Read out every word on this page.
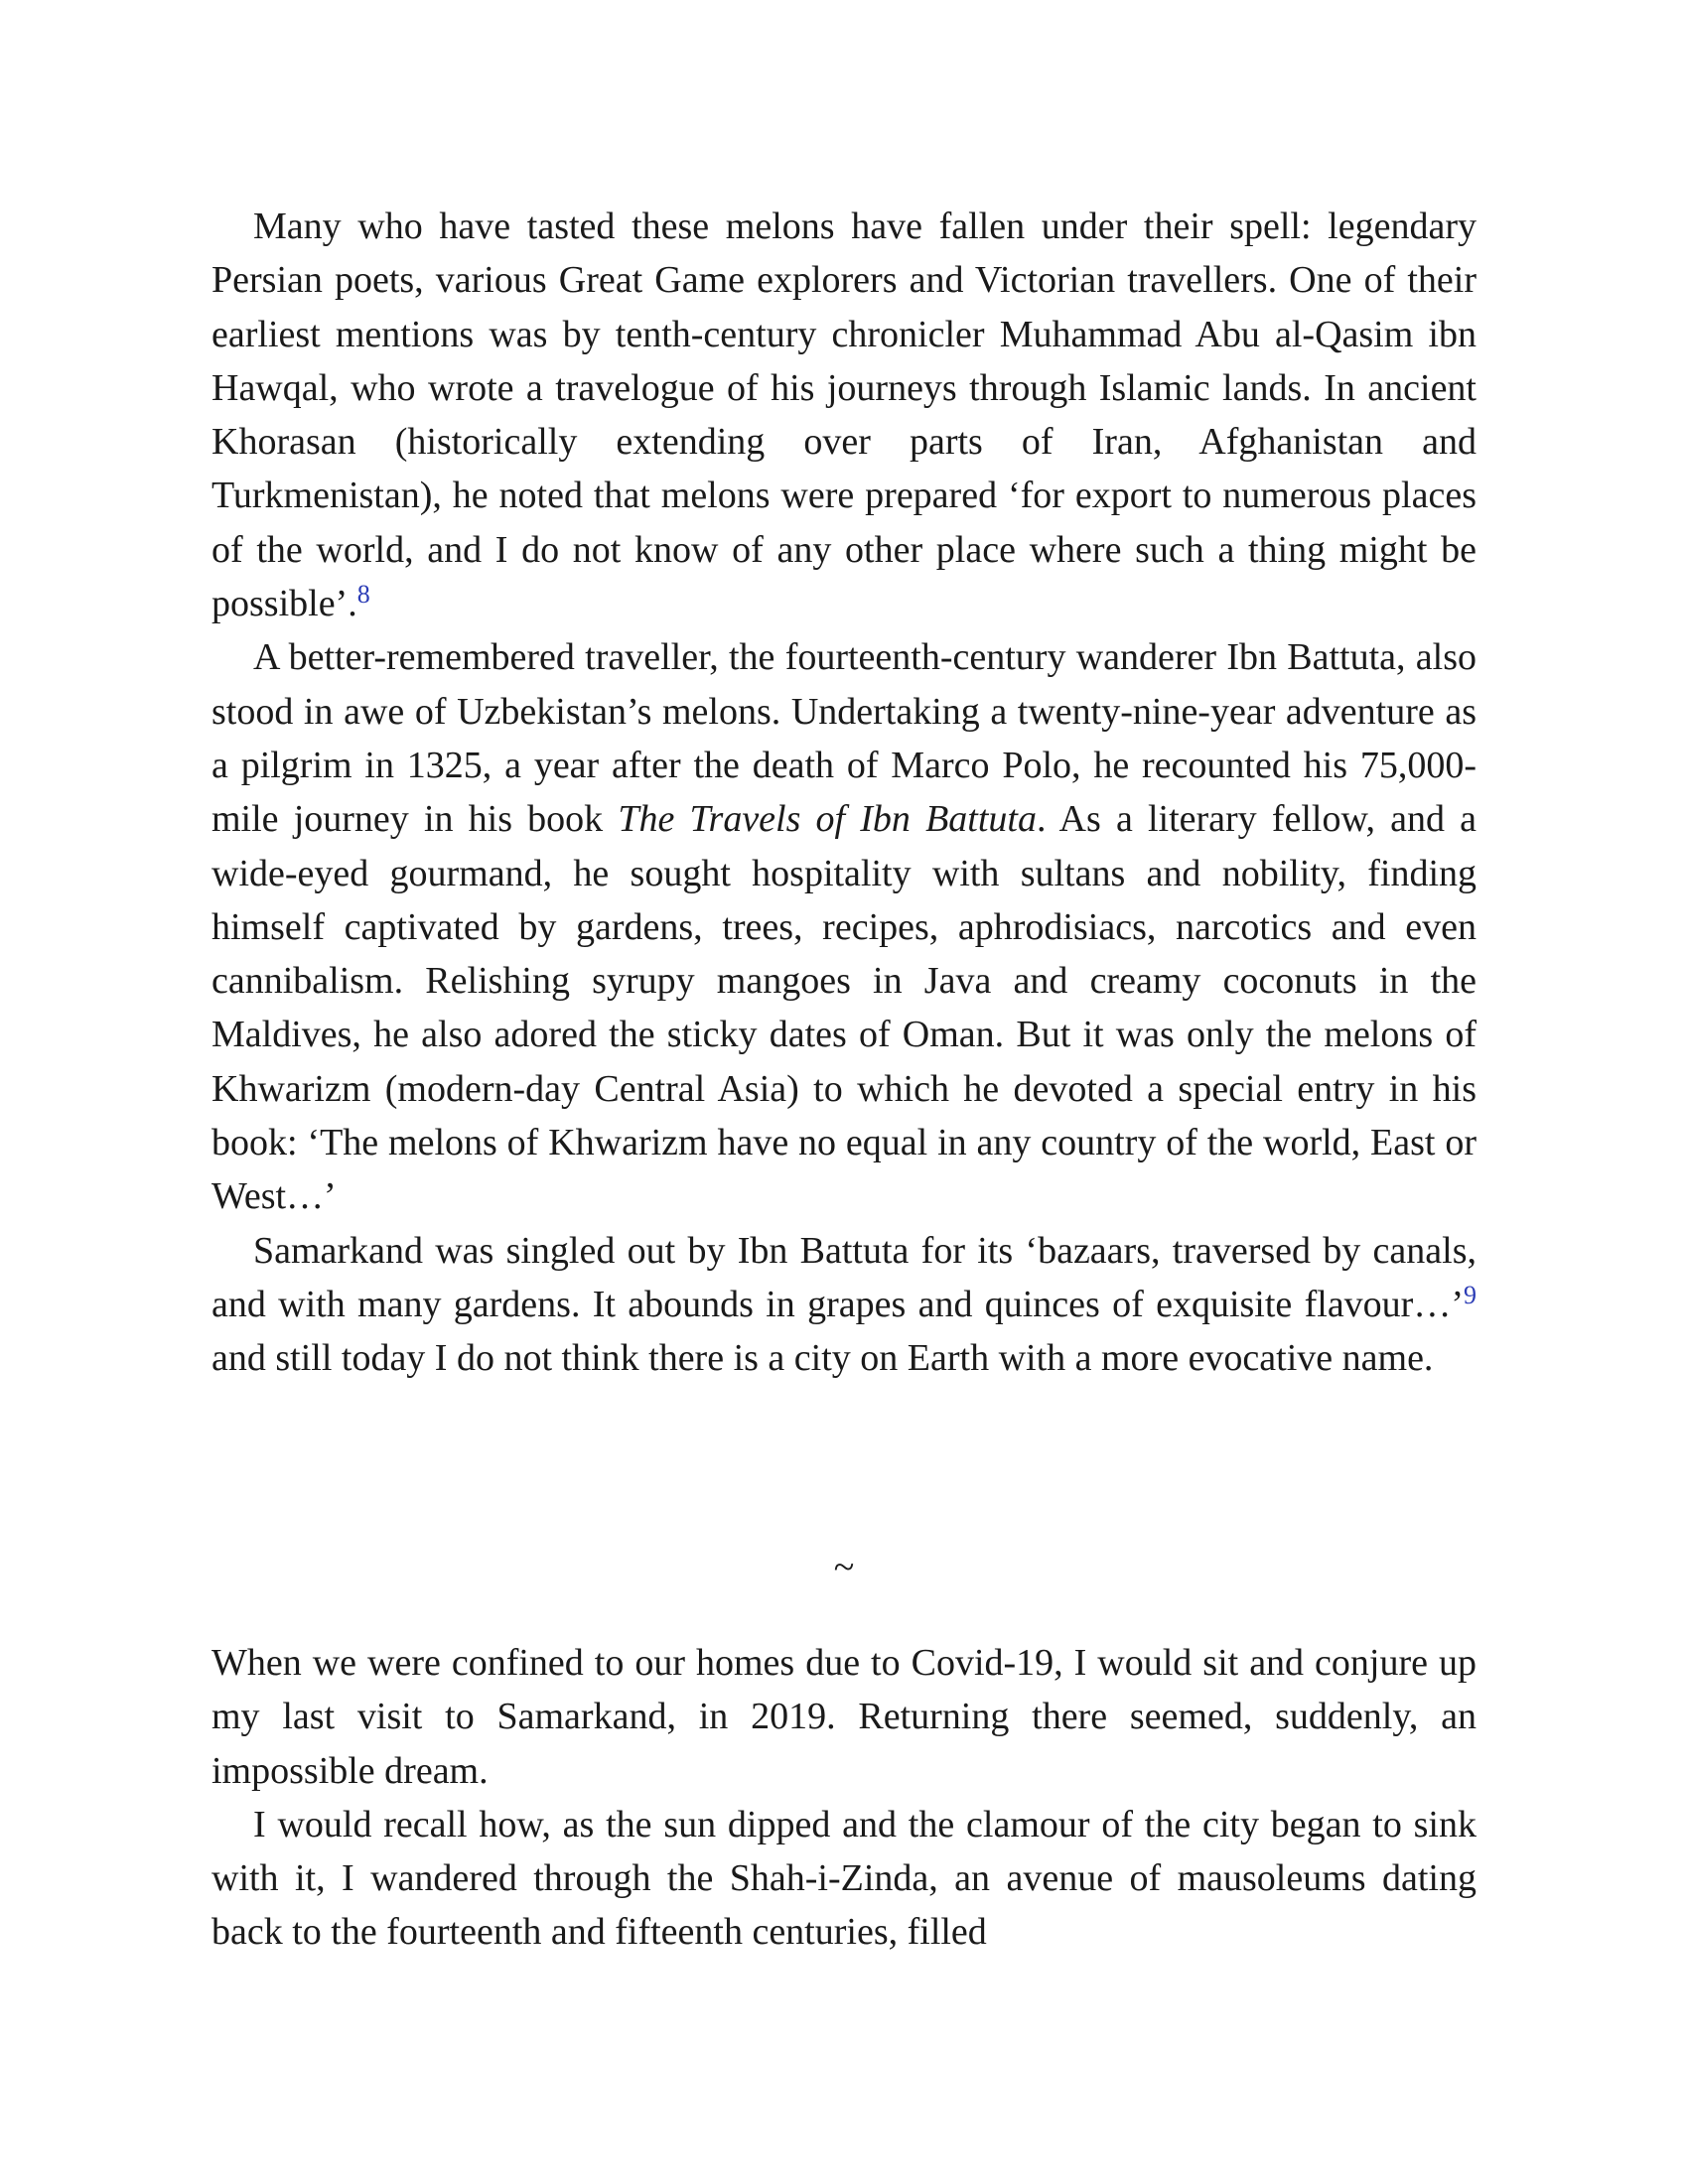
Many who have tasted these melons have fallen under their spell: legendary Persian poets, various Great Game explorers and Victorian travellers. One of their earliest mentions was by tenth-century chronicler Muhammad Abu al-Qasim ibn Hawqal, who wrote a travelogue of his journeys through Islamic lands. In ancient Khorasan (historically extending over parts of Iran, Afghanistan and Turkmenistan), he noted that melons were prepared ‘for export to numerous places of the world, and I do not know of any other place where such a thing might be possible’.$^8$

A better-remembered traveller, the fourteenth-century wanderer Ibn Battuta, also stood in awe of Uzbekistan’s melons. Undertaking a twenty-nine-year adventure as a pilgrim in 1325, a year after the death of Marco Polo, he recounted his 75,000-mile journey in his book The Travels of Ibn Battuta. As a literary fellow, and a wide-eyed gourmand, he sought hospitality with sultans and nobility, finding himself captivated by gardens, trees, recipes, aphrodisiacs, narcotics and even cannibalism. Relishing syrupy mangoes in Java and creamy coconuts in the Maldives, he also adored the sticky dates of Oman. But it was only the melons of Khwarizm (modern-day Central Asia) to which he devoted a special entry in his book: ‘The melons of Khwarizm have no equal in any country of the world, East or West…’

Samarkand was singled out by Ibn Battuta for its ‘bazaars, traversed by canals, and with many gardens. It abounds in grapes and quinces of exquisite flavour…’$^9$ and still today I do not think there is a city on Earth with a more evocative name.

~

When we were confined to our homes due to Covid-19, I would sit and conjure up my last visit to Samarkand, in 2019. Returning there seemed, suddenly, an impossible dream.

I would recall how, as the sun dipped and the clamour of the city began to sink with it, I wandered through the Shah-i-Zinda, an avenue of mausoleums dating back to the fourteenth and fifteenth centuries, filled
